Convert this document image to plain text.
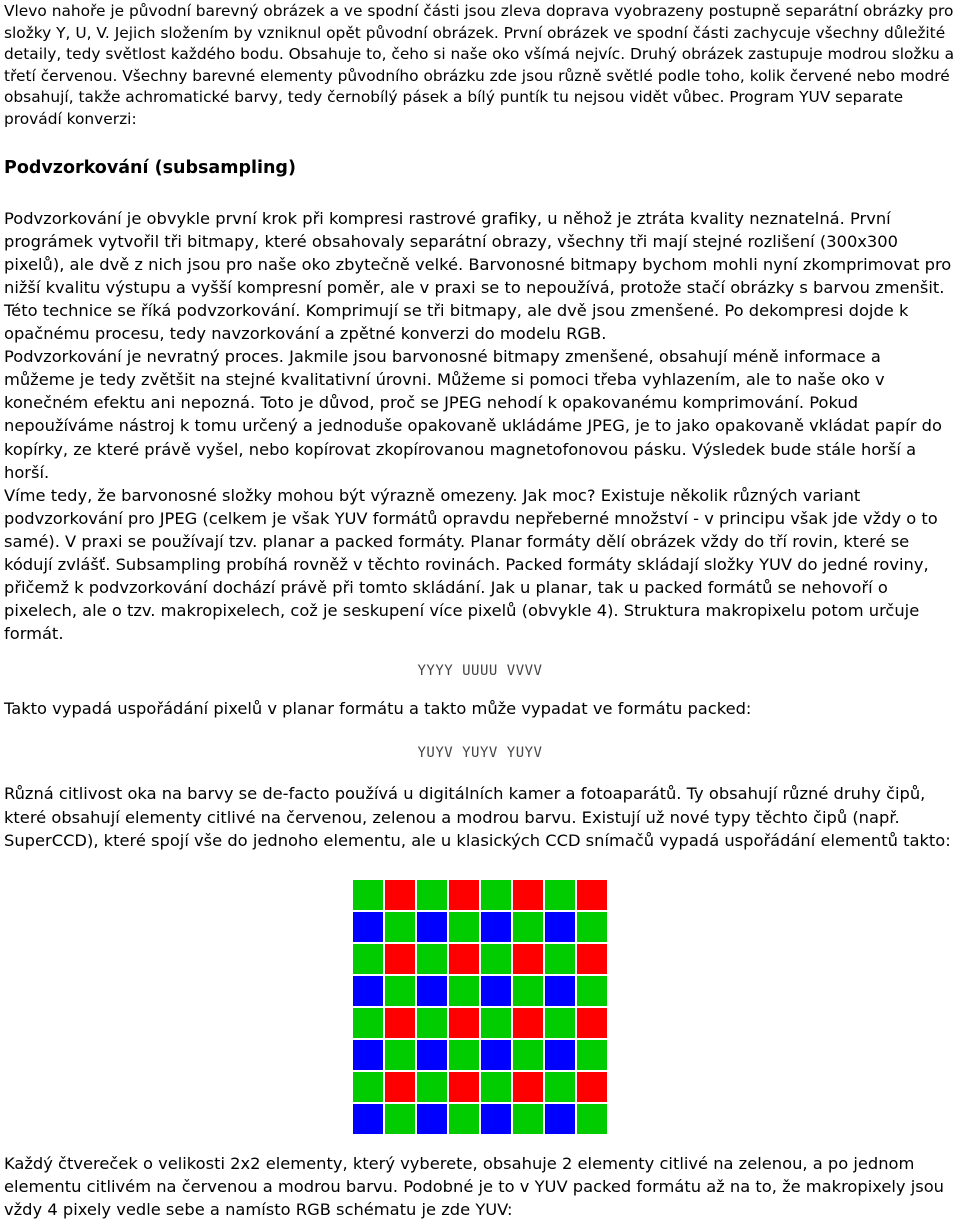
Vlevo nahoře je původní barevný obrázek a ve spodní části jsou zleva doprava vyobrazeny postupně separátní obrázky pro složky Y, U, V. Jejich složením by vzniknul opět původní obrázek. První obrázek ve spodní části zachycuje všechny důležité detaily, tedy světlost každého bodu. Obsahuje to, čeho si naše oko všímá nejvíc. Druhý obrázek zastupuje modrou složku a třetí červenou. Všechny barevné elementy původního obrázku zde jsou různě světlé podle toho, kolik červené nebo modré obsahují, takže achromatické barvy, tedy černobílý pásek a bílý puntík tu nejsou vidět vůbec. Program YUV separate provádí konverzi:

Podvzorkování (subsampling)

Podvzorkování je obvykle první krok při kompresi rastrové grafiky, u něhož je ztráta kvality neznatelná. První prográmek vytvořil tři bitmapy, které obsahovaly separátní obrazy, všechny tři mají stejné rozlišení (300x300 pixelů), ale dvě z nich jsou pro naše oko zbytečně velké. Barvonosné bitmapy bychom mohli nyní zkomprimovat pro nižší kvalitu výstupu a vyšší kompresní poměr, ale v praxi se to nepoužívá, protože stačí obrázky s barvou zmenšit. Této technice se říká podvzorkování. Komprimují se tři bitmapy, ale dvě jsou zmenšené. Po dekompresi dojde k opačnému procesu, tedy navzorkování a zpětné konverzi do modelu RGB.

Podvzorkování je nevratný proces. Jakmile jsou barvonosné bitmapy zmenšené, obsahují méně informace a můžeme je tedy zvětšit na stejné kvalitativní úrovni. Můžeme si pomoci třeba vyhlazením, ale to naše oko v konečném efektu ani nepozná. Toto je důvod, proč se JPEG nehodí k opakovanému komprimování. Pokud nepoužíváme nástroj k tomu určený a jednoduše opakovaně ukládáme JPEG, je to jako opakovaně vkládat papír do kopírky, ze které právě vyšel, nebo kopírovat zkopírovanou magnetofonovou pásku. Výsledek bude stále horší a horší.

Víme tedy, že barvonosné složky mohou být výrazně omezeny. Jak moc? Existuje několik různých variant podvzorkování pro JPEG (celkem je však YUV formátů opravdu nepřeberné množství - v principu však jde vždy o to samé). V praxi se používají tzv. planar a packed formáty. Planar formáty dělí obrázek vždy do tří rovin, které se kódují zvlášť. Subsampling probíhá rovněž v těchto rovinách. Packed formáty skládají složky YUV do jedné roviny, přičemž k podvzorkování dochází právě při tomto skládání. Jak u planar, tak u packed formátů se nehovoří o pixelech, ale o tzv. makropixelech, což je seskupení více pixelů (obvykle 4). Struktura makropixelu potom určuje formát.

YYYY UUUU VVVV

Takto vypadá uspořádání pixelů v planar formátu a takto může vypadat ve formátu packed:

YUYV YUYV YUYV

Různá citlivost oka na barvy se de-facto používá u digitálních kamer a fotoaparátů. Ty obsahují různé druhy čipů, které obsahují elementy citlivé na červenou, zelenou a modrou barvu. Existují už nové typy těchto čipů (např. SuperCCD), které spojí vše do jednoho elementu, ale u klasických CCD snímačů vypadá uspořádání elementů takto:

Každý čtvereček o velikosti 2x2 elementy, který vyberete, obsahuje 2 elementy citlivé na zelenou, a po jednom elementu citlivém na červenou a modrou barvu. Podobné je to v YUV packed formátu až na to, že makropixely jsou vždy 4 pixely vedle sebe a namísto RGB schématu je zde YUV:
